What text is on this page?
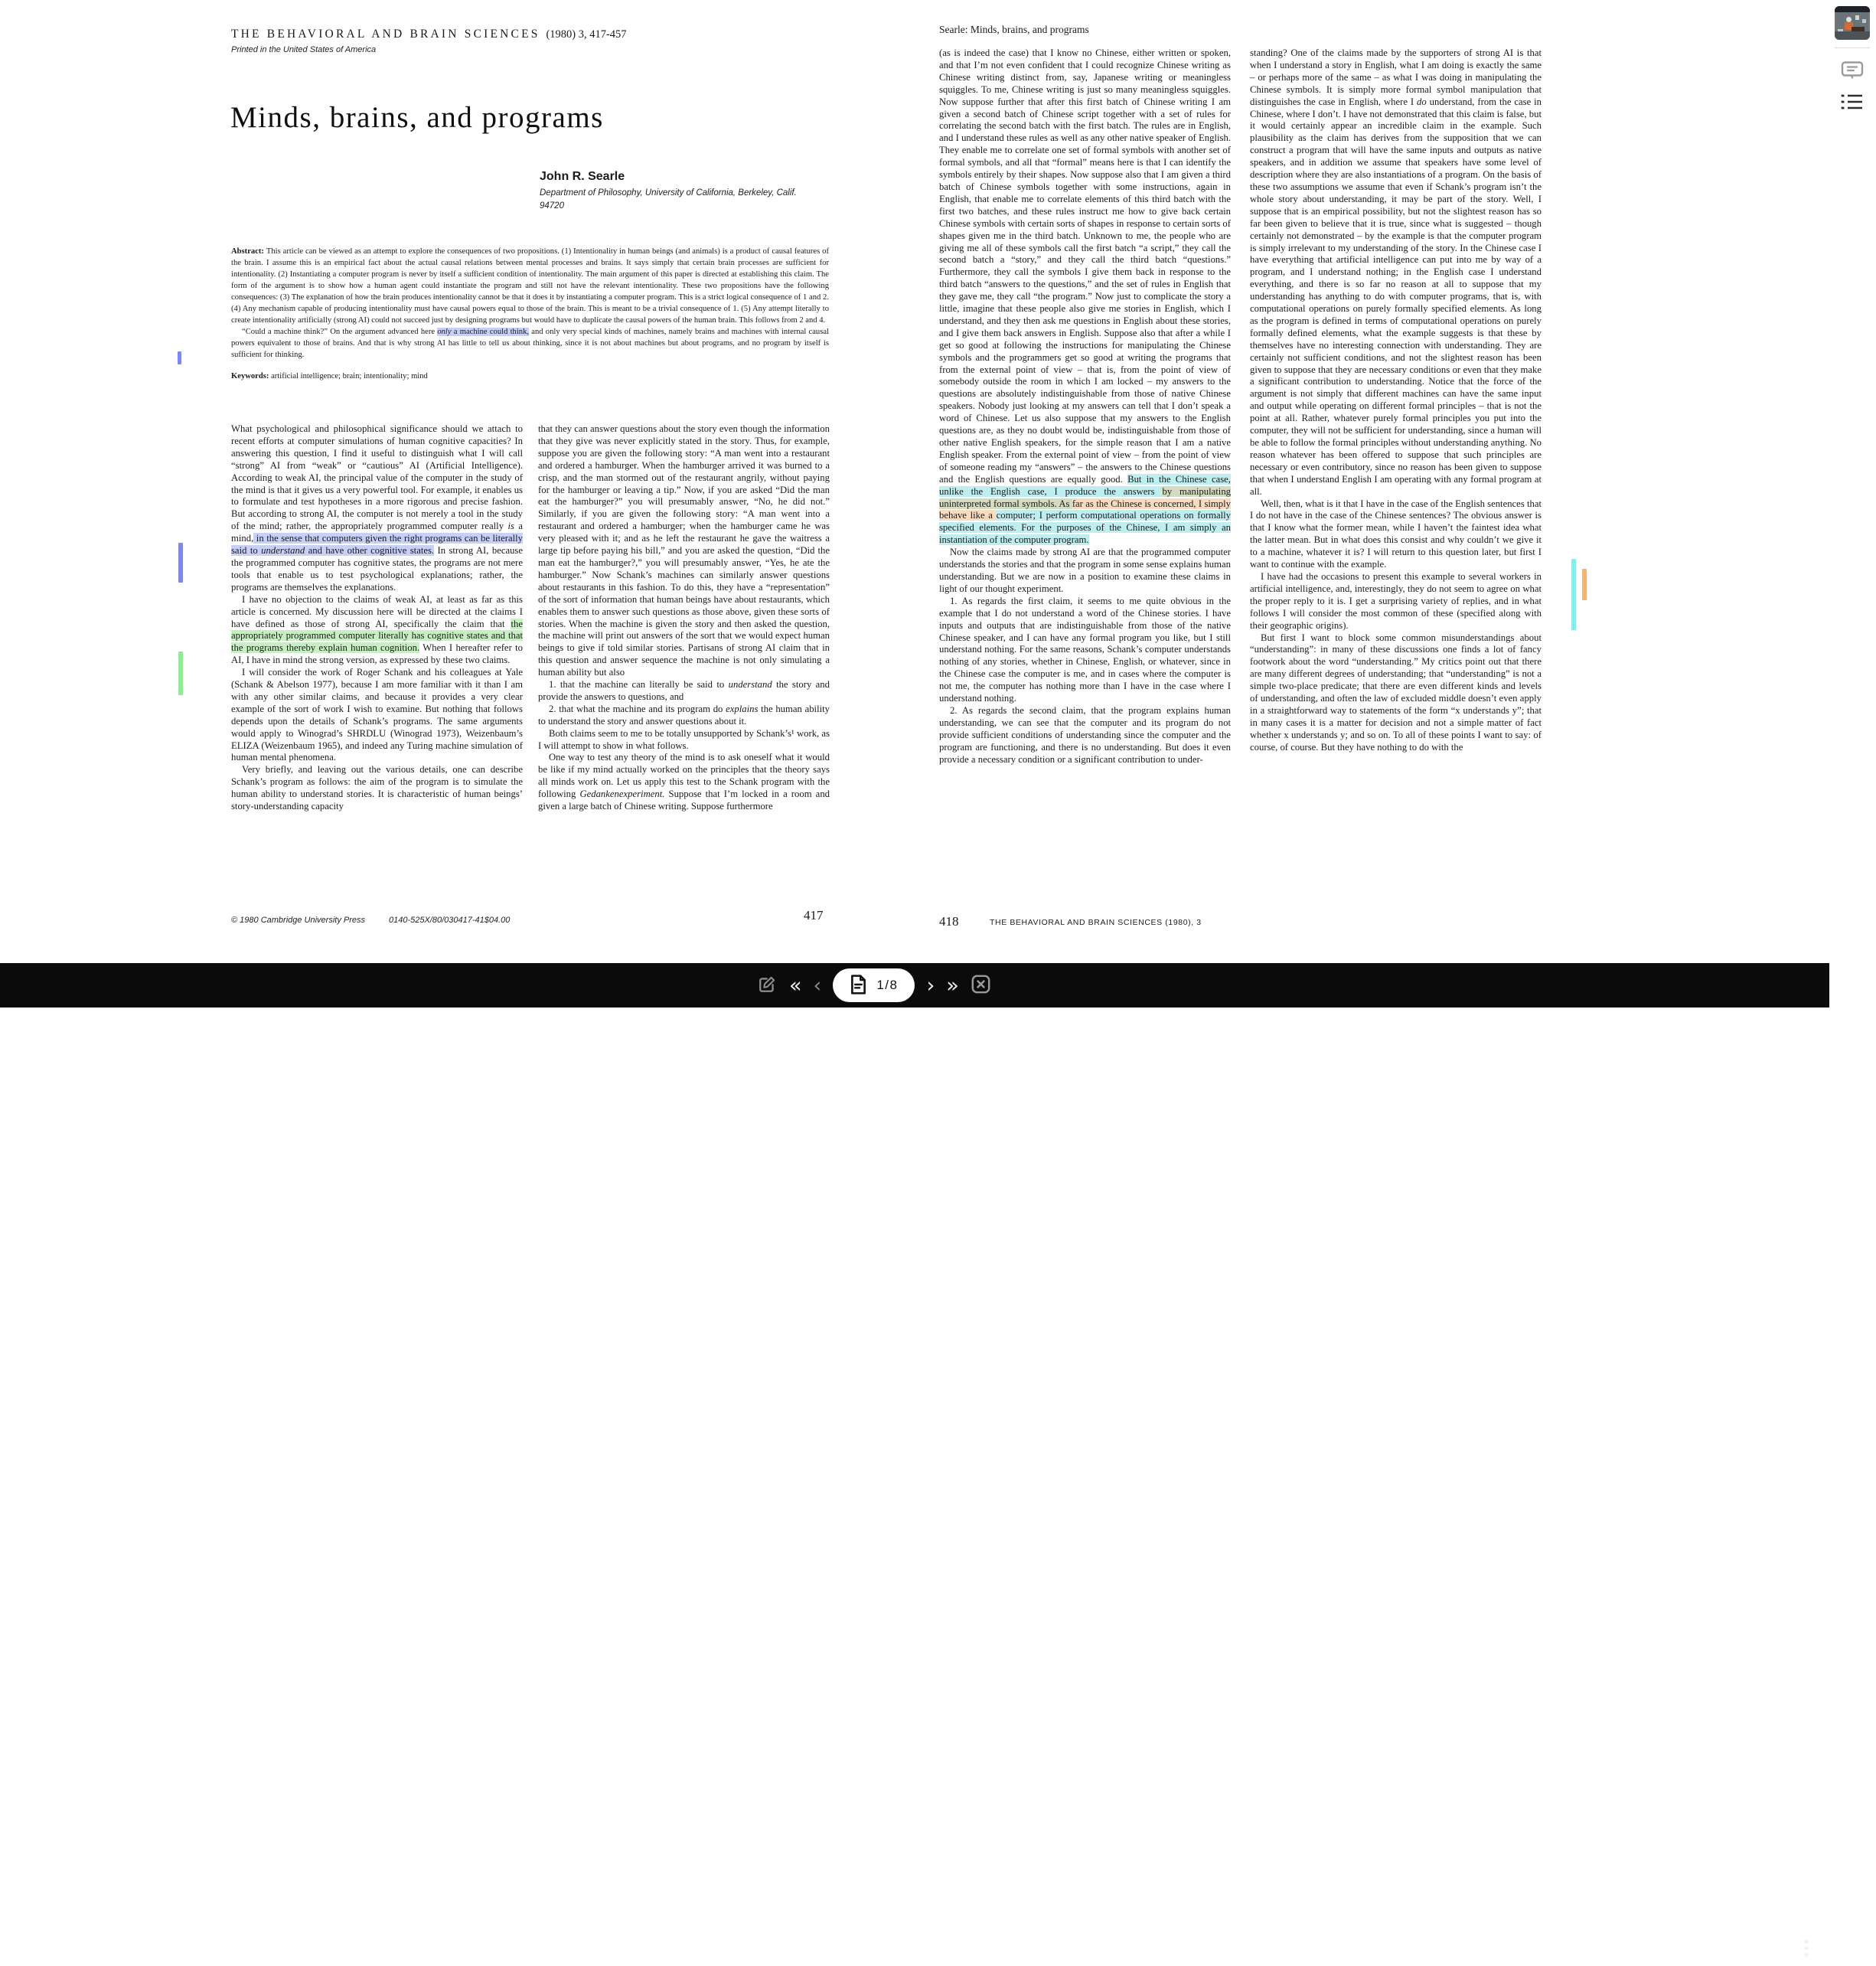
THE BEHAVIORAL AND BRAIN SCIENCES (1980) 3, 417-457
Printed in the United States of America
Minds, brains, and programs
John R. Searle
Department of Philosophy, University of California, Berkeley, Calif.
94720

Abstract: This article can be viewed as an attempt to explore the consequences of two propositions. (1) Intentionality in human beings (and animals) is a product of causal features of the brain. I assume this is an empirical fact about the actual causal relations between mental processes and brains. It says simply that certain brain processes are sufficient for intentionality. (2) Instantiating a computer program is never by itself a sufficient condition of intentionality. The main argument of this paper is directed at establishing this claim. The form of the argument is to show how a human agent could instantiate the program and still not have the relevant intentionality. These two propositions have the following consequences: (3) The explanation of how the brain produces intentionality cannot be that it does it by instantiating a computer program. This is a strict logical consequence of 1 and 2. (4) Any mechanism capable of producing intentionality must have causal powers equal to those of the brain. This is meant to be a trivial consequence of 1. (5) Any attempt literally to create intentionality artificially (strong AI) could not succeed just by designing programs but would have to duplicate the causal powers of the human brain. This follows from 2 and 4.

“Could a machine think?” On the argument advanced here only a machine could think, and only very special kinds of machines, namely brains and machines with internal causal powers equivalent to those of brains. And that is why strong AI has little to tell us about thinking, since it is not about machines but about programs, and no program by itself is sufficient for thinking.

Keywords: artificial intelligence; brain; intentionality; mind

What psychological and philosophical significance should we attach to recent efforts at computer simulations of human cognitive capacities? In answering this question, I find it useful to distinguish what I will call “strong” AI from “weak” or “cautious” AI (Artificial Intelligence). According to weak AI, the principal value of the computer in the study of the mind is that it gives us a very powerful tool. For example, it enables us to formulate and test hypotheses in a more rigorous and precise fashion. But according to strong AI, the computer is not merely a tool in the study of the mind; rather, the appropriately programmed computer really is a mind, in the sense that computers given the right programs can be literally said to understand and have other cognitive states. In strong AI, because the programmed computer has cognitive states, the programs are not mere tools that enable us to test psychological explanations; rather, the programs are themselves the explanations.

I have no objection to the claims of weak AI, at least as far as this article is concerned. My discussion here will be directed at the claims I have defined as those of strong AI, specifically the claim that the appropriately programmed computer literally has cognitive states and that the programs thereby explain human cognition. When I hereafter refer to AI, I have in mind the strong version, as expressed by these two claims.

I will consider the work of Roger Schank and his colleagues at Yale (Schank & Abelson 1977), because I am more familiar with it than I am with any other similar claims, and because it provides a very clear example of the sort of work I wish to examine. But nothing that follows depends upon the details of Schank’s programs. The same arguments would apply to Winograd’s SHRDLU (Winograd 1973), Weizenbaum’s ELIZA (Weizenbaum 1965), and indeed any Turing machine simulation of human mental phenomena.

Very briefly, and leaving out the various details, one can describe Schank’s program as follows: the aim of the program is to simulate the human ability to understand stories. It is characteristic of human beings’ story-understanding capacity

that they can answer questions about the story even though the information that they give was never explicitly stated in the story. Thus, for example, suppose you are given the following story: “A man went into a restaurant and ordered a hamburger. When the hamburger arrived it was burned to a crisp, and the man stormed out of the restaurant angrily, without paying for the hamburger or leaving a tip.” Now, if you are asked “Did the man eat the hamburger?” you will presumably answer, “No, he did not.” Similarly, if you are given the following story: “A man went into a restaurant and ordered a hamburger; when the hamburger came he was very pleased with it; and as he left the restaurant he gave the waitress a large tip before paying his bill,” and you are asked the question, “Did the man eat the hamburger?,” you will presumably answer, “Yes, he ate the hamburger.” Now Schank’s machines can similarly answer questions about restaurants in this fashion. To do this, they have a “representation” of the sort of information that human beings have about restaurants, which enables them to answer such questions as those above, given these sorts of stories. When the machine is given the story and then asked the question, the machine will print out answers of the sort that we would expect human beings to give if told similar stories. Partisans of strong AI claim that in this question and answer sequence the machine is not only simulating a human ability but also

1. that the machine can literally be said to understand the story and provide the answers to questions, and

2. that what the machine and its program do explains the human ability to understand the story and answer questions about it.

Both claims seem to me to be totally unsupported by Schank’s¹ work, as I will attempt to show in what follows.

One way to test any theory of the mind is to ask oneself what it would be like if my mind actually worked on the principles that the theory says all minds work on. Let us apply this test to the Schank program with the following Gedankenexperiment. Suppose that I’m locked in a room and given a large batch of Chinese writing. Suppose furthermore

© 1980 Cambridge University Press	0140-525X/80/030417-41$04.00	417
Searle: Minds, brains, and programs

(as is indeed the case) that I know no Chinese, either written or spoken, and that I’m not even confident that I could recognize Chinese writing as Chinese writing distinct from, say, Japanese writing or meaningless squiggles. To me, Chinese writing is just so many meaningless squiggles. Now suppose further that after this first batch of Chinese writing I am given a second batch of Chinese script together with a set of rules for correlating the second batch with the first batch. The rules are in English, and I understand these rules as well as any other native speaker of English. They enable me to correlate one set of formal symbols with another set of formal symbols, and all that “formal” means here is that I can identify the symbols entirely by their shapes. Now suppose also that I am given a third batch of Chinese symbols together with some instructions, again in English, that enable me to correlate elements of this third batch with the first two batches, and these rules instruct me how to give back certain Chinese symbols with certain sorts of shapes in response to certain sorts of shapes given me in the third batch. Unknown to me, the people who are giving me all of these symbols call the first batch “a script,” they call the second batch a “story,” and they call the third batch “questions.” Furthermore, they call the symbols I give them back in response to the third batch “answers to the questions,” and the set of rules in English that they gave me, they call “the program.” Now just to complicate the story a little, imagine that these people also give me stories in English, which I understand, and they then ask me questions in English about these stories, and I give them back answers in English. Suppose also that after a while I get so good at following the instructions for manipulating the Chinese symbols and the programmers get so good at writing the programs that from the external point of view – that is, from the point of view of somebody outside the room in which I am locked – my answers to the questions are absolutely indistinguishable from those of native Chinese speakers. Nobody just looking at my answers can tell that I don’t speak a word of Chinese. Let us also suppose that my answers to the English questions are, as they no doubt would be, indistinguishable from those of other native English speakers, for the simple reason that I am a native English speaker. From the external point of view – from the point of view of someone reading my “answers” – the answers to the Chinese questions and the English questions are equally good. But in the Chinese case, unlike the English case, I produce the answers by manipulating uninterpreted formal symbols. As far as the Chinese is concerned, I simply behave like a computer; I perform computational operations on formally specified elements. For the purposes of the Chinese, I am simply an instantiation of the computer program.

Now the claims made by strong AI are that the programmed computer understands the stories and that the program in some sense explains human understanding. But we are now in a position to examine these claims in light of our thought experiment.

1. As regards the first claim, it seems to me quite obvious in the example that I do not understand a word of the Chinese stories. I have inputs and outputs that are indistinguishable from those of the native Chinese speaker, and I can have any formal program you like, but I still understand nothing. For the same reasons, Schank’s computer understands nothing of any stories, whether in Chinese, English, or whatever, since in the Chinese case the computer is me, and in cases where the computer is not me, the computer has nothing more than I have in the case where I understand nothing.

2. As regards the second claim, that the program explains human understanding, we can see that the computer and its program do not provide sufficient conditions of understanding since the computer and the program are functioning, and there is no understanding. But does it even provide a necessary condition or a significant contribution to under-

standing? One of the claims made by the supporters of strong AI is that when I understand a story in English, what I am doing is exactly the same – or perhaps more of the same – as what I was doing in manipulating the Chinese symbols. It is simply more formal symbol manipulation that distinguishes the case in English, where I do understand, from the case in Chinese, where I don’t. I have not demonstrated that this claim is false, but it would certainly appear an incredible claim in the example. Such plausibility as the claim has derives from the supposition that we can construct a program that will have the same inputs and outputs as native speakers, and in addition we assume that speakers have some level of description where they are also instantiations of a program. On the basis of these two assumptions we assume that even if Schank’s program isn’t the whole story about understanding, it may be part of the story. Well, I suppose that is an empirical possibility, but not the slightest reason has so far been given to believe that it is true, since what is suggested – though certainly not demonstrated – by the example is that the computer program is simply irrelevant to my understanding of the story. In the Chinese case I have everything that artificial intelligence can put into me by way of a program, and I understand nothing; in the English case I understand everything, and there is so far no reason at all to suppose that my understanding has anything to do with computer programs, that is, with computational operations on purely formally specified elements. As long as the program is defined in terms of computational operations on purely formally defined elements, what the example suggests is that these by themselves have no interesting connection with understanding. They are certainly not sufficient conditions, and not the slightest reason has been given to suppose that they are necessary conditions or even that they make a significant contribution to understanding. Notice that the force of the argument is not simply that different machines can have the same input and output while operating on different formal principles – that is not the point at all. Rather, whatever purely formal principles you put into the computer, they will not be sufficient for understanding, since a human will be able to follow the formal principles without understanding anything. No reason whatever has been offered to suppose that such principles are necessary or even contributory, since no reason has been given to suppose that when I understand English I am operating with any formal program at all.

Well, then, what is it that I have in the case of the English sentences that I do not have in the case of the Chinese sentences? The obvious answer is that I know what the former mean, while I haven’t the faintest idea what the latter mean. But in what does this consist and why couldn’t we give it to a machine, whatever it is? I will return to this question later, but first I want to continue with the example.

I have had the occasions to present this example to several workers in artificial intelligence, and, interestingly, they do not seem to agree on what the proper reply to it is. I get a surprising variety of replies, and in what follows I will consider the most common of these (specified along with their geographic origins).

But first I want to block some common misunderstandings about “understanding”: in many of these discussions one finds a lot of fancy footwork about the word “understanding.” My critics point out that there are many different degrees of understanding; that “understanding” is not a simple two-place predicate; that there are even different kinds and levels of understanding, and often the law of excluded middle doesn’t even apply in a straightforward way to statements of the form “x understands y”; that in many cases it is a matter for decision and not a simple matter of fact whether x understands y; and so on. To all of these points I want to say: of course, of course. But they have nothing to do with the

418	THE BEHAVIORAL AND BRAIN SCIENCES (1980), 3
« ‹	1/8 › »
